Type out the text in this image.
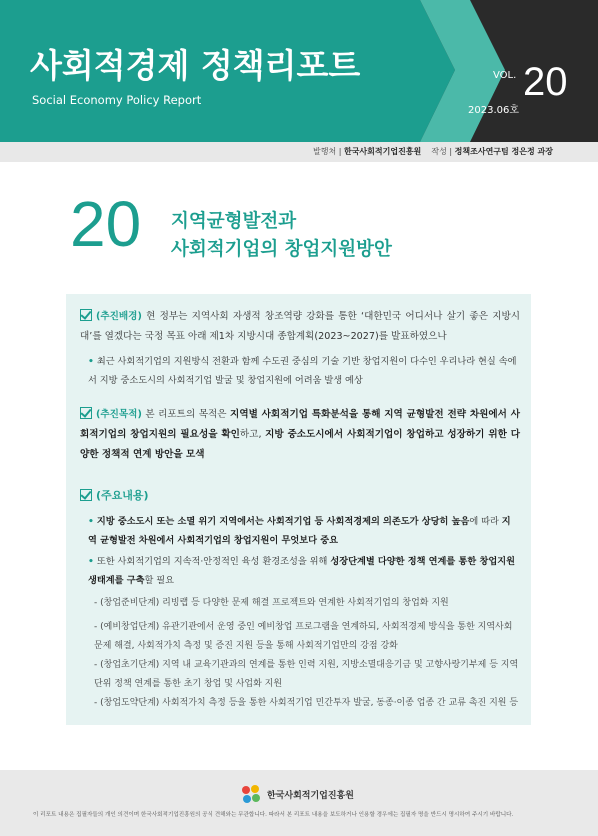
사회적경제 정책리포트
Social Economy Policy Report
VOL. 20
2023.06호
발행처 | 한국사회적기업진흥원 작성 | 정책조사연구팀 정은정 과장
20 지역균형발전과
사회적기업의 창업지원방안
(추진배경) 현 정부는 지역사회 자생적 창조역량 강화를 통한 ‘대한민국 어디서나 살기 좋은 지방시대’를 열겠다는 국정 목표 아래 제1차 지방시대 종합계획(2023~2027)를 발표하였으나
• 최근 사회적기업의 지원방식 전환과 함께 수도권 중심의 기술 기반 창업지원이 다수인 우리나라 현실 속에서 지방 중소도시의 사회적기업 발굴 및 창업지원에 어려움 발생 예상
(추진목적) 본 리포트의 목적은 지역별 사회적기업 특화분석을 통해 지역 균형발전 전략 차원에서 사회적기업의 창업지원의 필요성을 확인하고, 지방 중소도시에서 사회적기업이 창업하고 성장하기 위한 다양한 정책적 연계 방안을 모색
(주요내용)
• 지방 중소도시 또는 소멸 위기 지역에서는 사회적기업 등 사회적경제의 의존도가 상당히 높음에 따라 지역 균형발전 차원에서 사회적기업의 창업지원이 무엇보다 중요
• 또한 사회적기업의 지속적·안정적인 육성 환경조성을 위해 성장단계별 다양한 정책 연계를 통한 창업지원 생태계를 구축할 필요
- (창업준비단계) 리빙랩 등 다양한 문제 해결 프로젝트와 연계한 사회적기업의 창업화 지원
- (예비창업단계) 유관기관에서 운영 중인 예비창업 프로그램을 연계하되, 사회적경제 방식을 통한 지역사회 문제 해결, 사회적가치 측정 및 증진 지원 등을 통해 사회적기업만의 강점 강화
- (창업초기단계) 지역 내 교육기관과의 연계를 통한 인력 지원, 지방소멸대응기금 및 고향사랑기부제 등 지역단위 정책 연계를 통한 초기 창업 및 사업화 지원
- (창업도약단계) 사회적가치 측정 등을 통한 사회적기업 민간투자 발굴, 동종·이종 업종 간 교류 촉진 지원 등
한국사회적기업진흥원
이 리포트 내용은 집필자들의 개인 의견이며 한국사회적기업진흥원의 공식 견해와는 무관합니다. 따라서 본 리포트 내용을 보도하거나 인용할 경우에는 집필자 명을 반드시 명시하여 주시기 바랍니다.
